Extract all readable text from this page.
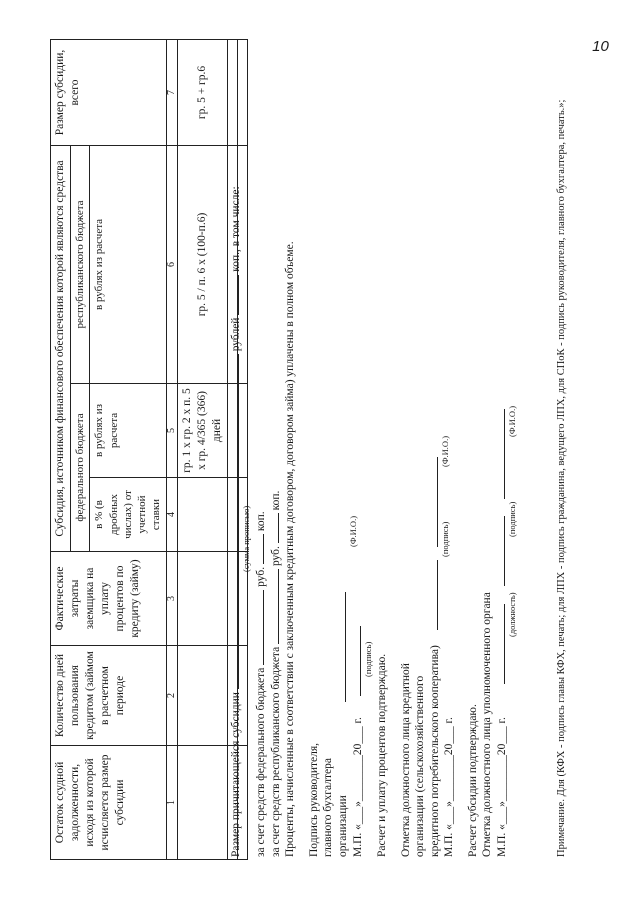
10
Остаток ссудной задолженности, исходя из которой исчисляется размер субсидии	Количество дней пользования кредитом (займом в расчетном периоде	Фактические затраты заемщика на уплату процентов по кредиту (займу)	Субсидия, источником финансового обеспечения которой являются средства			Размер субсидии, всего
			федерального бюджета		республиканского бюджета	
			в % (в дробных числах) от учетной ставки	в рублях из расчета	в рублях из расчета	
1	2	3	4	5	6	7
				гр. 1 х гр. 2 х п. 5 х гр. 4/365 (366) дней	гр. 5 / п. 6 х (100-п.6)	гр. 5 + гр.6

Размер причитающейся субсидии  рублей  коп., в том числе:
(сумма прописью)
за счет средств федерального бюджета  руб.  коп.
за счет средств республиканского бюджета  руб.  коп. Проценты, начисленные в соответствии с заключенным кредитным договором, договором займа) уплачены в полном объеме. Подпись руководителя, главного бухгалтера организации
(Ф.И.О.)
М.П. «___»________20___ г.
(подпись) Расчет и уплату процентов подтверждаю. Отметка должностного лица кредитной организации (сельскохозяйственного кредитного потребительского кооператива)
(подпись)
(Ф.И.О.)
М.П. «___»________20___ г. Расчет субсидии подтверждаю. Отметка должностного лица уполномоченного органа М.П. «___»________20___ г.
(должность)
(подпись)
(Ф.И.О.)	Примечание. Для (КФХ - подпись главы КФХ, печать; для ЛПХ - подпись гражданина, ведущего ЛПХ, для СПоК - подпись руководителя, главного бухгалтера, печать.»;
